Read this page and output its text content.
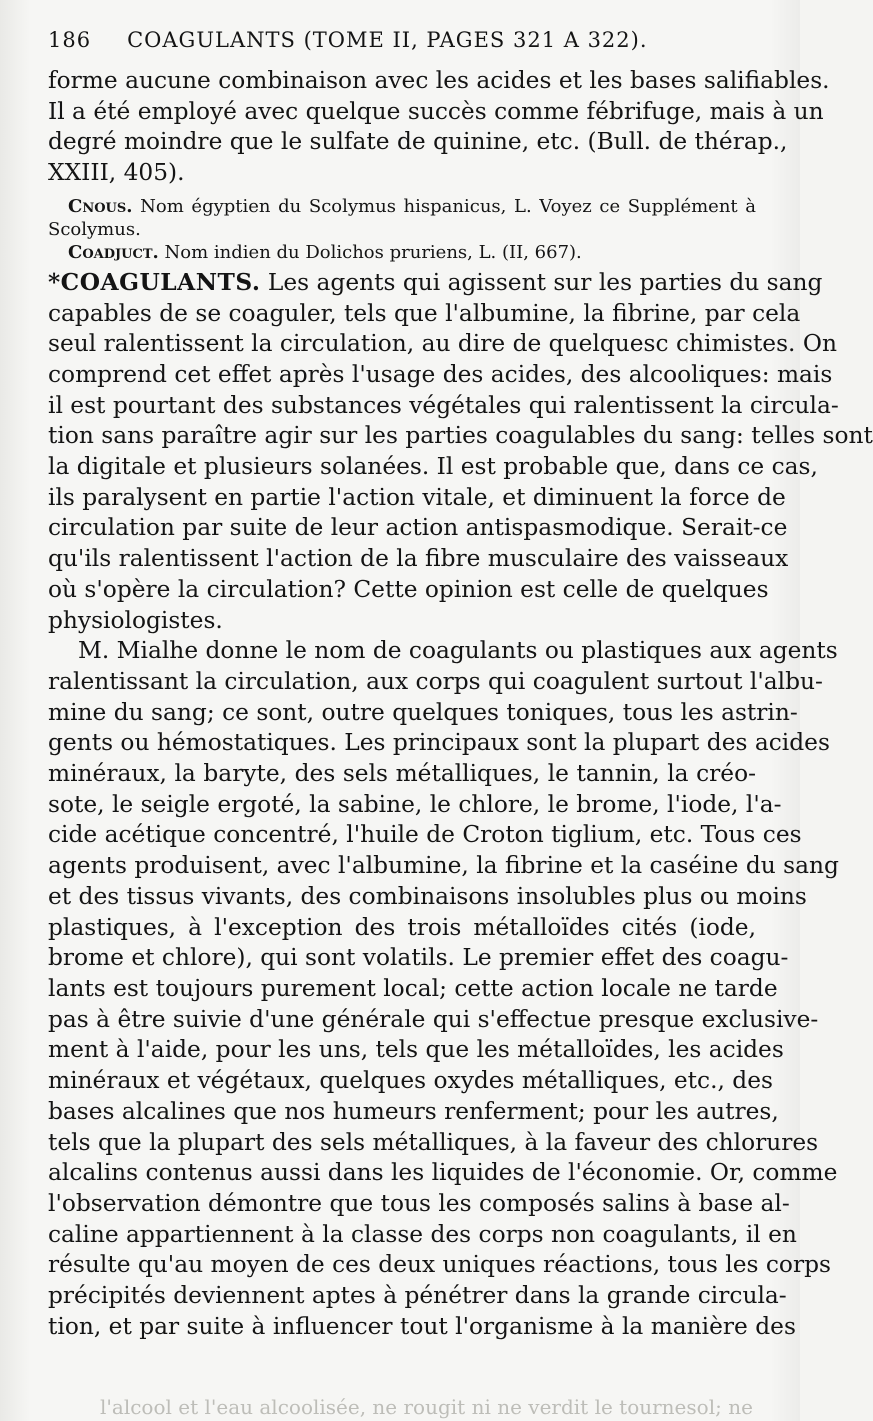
186 COAGULANTS (TOME II, PAGES 321 A 322).
forme aucune combinaison avec les acides et les bases salifiables.
Il a été employé avec quelque succès comme fébrifuge, mais à un
degré moindre que le sulfate de quinine, etc. (Bull. de thérap.,
XXIII, 405).
Cnous. Nom égyptien du Scolymus hispanicus, L. Voyez ce Supplément à
Scolymus.
Coadjuct. Nom indien du Dolichos pruriens, L. (II, 667).
*COAGULANTS. Les agents qui agissent sur les parties du sang
capables de se coaguler, tels que l'albumine, la fibrine, par cela
seul ralentissent la circulation, au dire de quelquesc chimistes. On
comprend cet effet après l'usage des acides, des alcooliques: mais
il est pourtant des substances végétales qui ralentissent la circula-
tion sans paraître agir sur les parties coagulables du sang: telles sont
la digitale et plusieurs solanées. Il est probable que, dans ce cas,
ils paralysent en partie l'action vitale, et diminuent la force de
circulation par suite de leur action antispasmodique. Serait-ce
qu'ils ralentissent l'action de la fibre musculaire des vaisseaux
où s'opère la circulation? Cette opinion est celle de quelques
physiologistes.
M. Mialhe donne le nom de coagulants ou plastiques aux agents
ralentissant la circulation, aux corps qui coagulent surtout l'albu-
mine du sang; ce sont, outre quelques toniques, tous les astrin-
gents ou hémostatiques. Les principaux sont la plupart des acides
minéraux, la baryte, des sels métalliques, le tannin, la créo-
sote, le seigle ergoté, la sabine, le chlore, le brome, l'iode, l'a-
cide acétique concentré, l'huile de Croton tiglium, etc. Tous ces
agents produisent, avec l'albumine, la fibrine et la caséine du sang
et des tissus vivants, des combinaisons insolubles plus ou moins
plastiques, à l'exception des trois métalloïdes cités (iode,
brome et chlore), qui sont volatils. Le premier effet des coagu-
lants est toujours purement local; cette action locale ne tarde
pas à être suivie d'une générale qui s'effectue presque exclusive-
ment à l'aide, pour les uns, tels que les métalloïdes, les acides
minéraux et végétaux, quelques oxydes métalliques, etc., des
bases alcalines que nos humeurs renferment; pour les autres,
tels que la plupart des sels métalliques, à la faveur des chlorures
alcalins contenus aussi dans les liquides de l'économie. Or, comme
l'observation démontre que tous les composés salins à base al-
caline appartiennent à la classe des corps non coagulants, il en
résulte qu'au moyen de ces deux uniques réactions, tous les corps
précipités deviennent aptes à pénétrer dans la grande circula-
tion, et par suite à influencer tout l'organisme à la manière des
l'alcool et l'eau alcoolisée, ne rougit ni ne verdit le tournesol; ne
